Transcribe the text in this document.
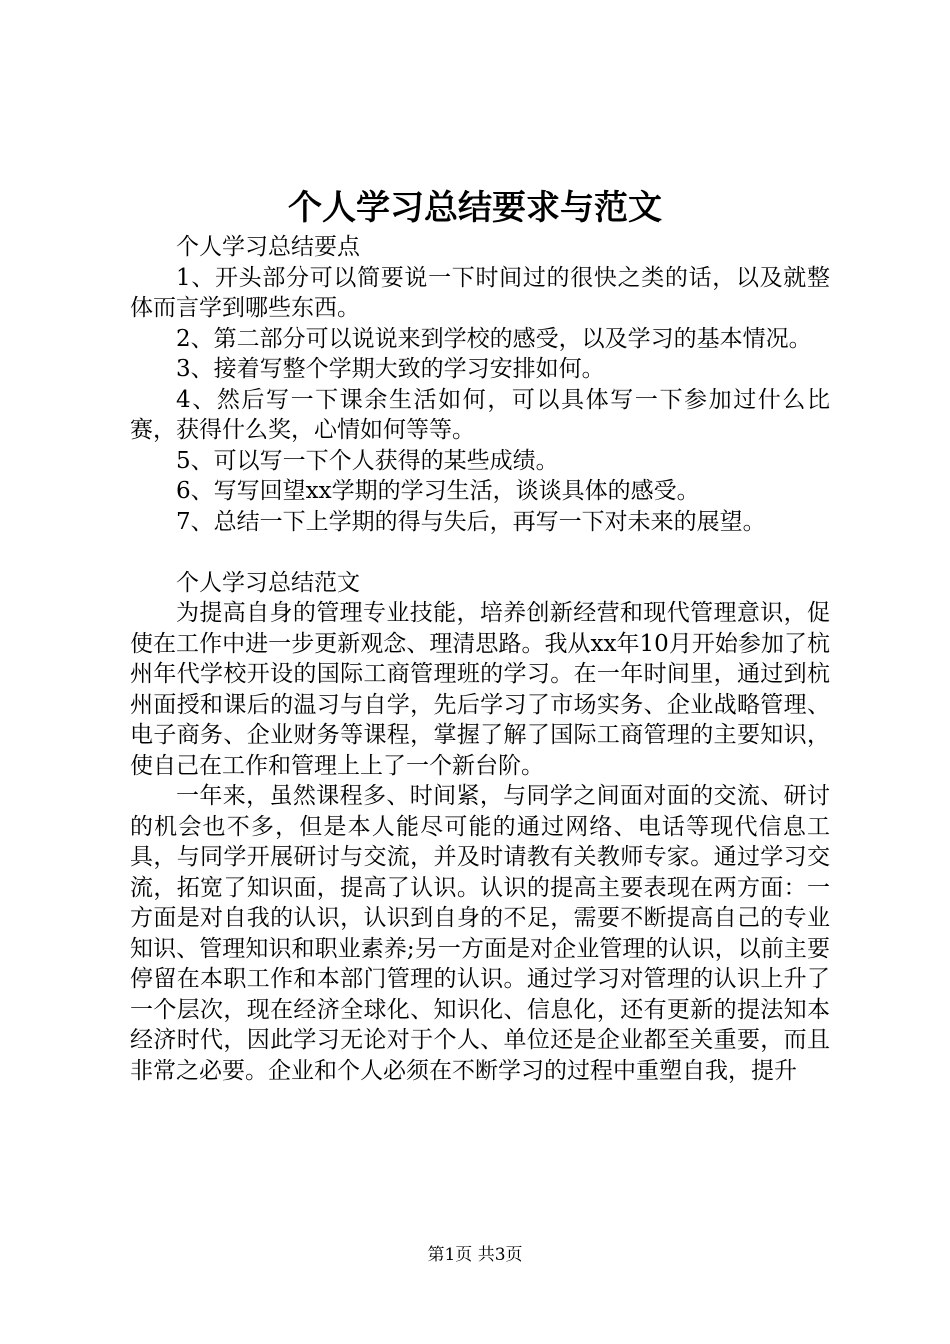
个人学习总结要求与范文

个人学习总结要点

1、开头部分可以简要说一下时间过的很快之类的话，以及就整体而言学到哪些东西。

2、第二部分可以说说来到学校的感受，以及学习的基本情况。

3、接着写整个学期大致的学习安排如何。

4、然后写一下课余生活如何，可以具体写一下参加过什么比赛，获得什么奖，心情如何等等。

5、可以写一下个人获得的某些成绩。

6、写写回望xx学期的学习生活，谈谈具体的感受。

7、总结一下上学期的得与失后，再写一下对未来的展望。

个人学习总结范文

为提高自身的管理专业技能，培养创新经营和现代管理意识，促使在工作中进一步更新观念、理清思路。我从xx年10月开始参加了杭州年代学校开设的国际工商管理班的学习。在一年时间里，通过到杭州面授和课后的温习与自学，先后学习了市场实务、企业战略管理、电子商务、企业财务等课程，掌握了解了国际工商管理的主要知识，使自己在工作和管理上上了一个新台阶。

一年来，虽然课程多、时间紧，与同学之间面对面的交流、研讨的机会也不多，但是本人能尽可能的通过网络、电话等现代信息工具，与同学开展研讨与交流，并及时请教有关教师专家。通过学习交流，拓宽了知识面，提高了认识。认识的提高主要表现在两方面：一方面是对自我的认识，认识到自身的不足，需要不断提高自己的专业知识、管理知识和职业素养;另一方面是对企业管理的认识，以前主要停留在本职工作和本部门管理的认识。通过学习对管理的认识上升了一个层次，现在经济全球化、知识化、信息化，还有更新的提法知本经济时代，因此学习无论对于个人、单位还是企业都至关重要，而且非常之必要。企业和个人必须在不断学习的过程中重塑自我，提升

第1页 共3页
